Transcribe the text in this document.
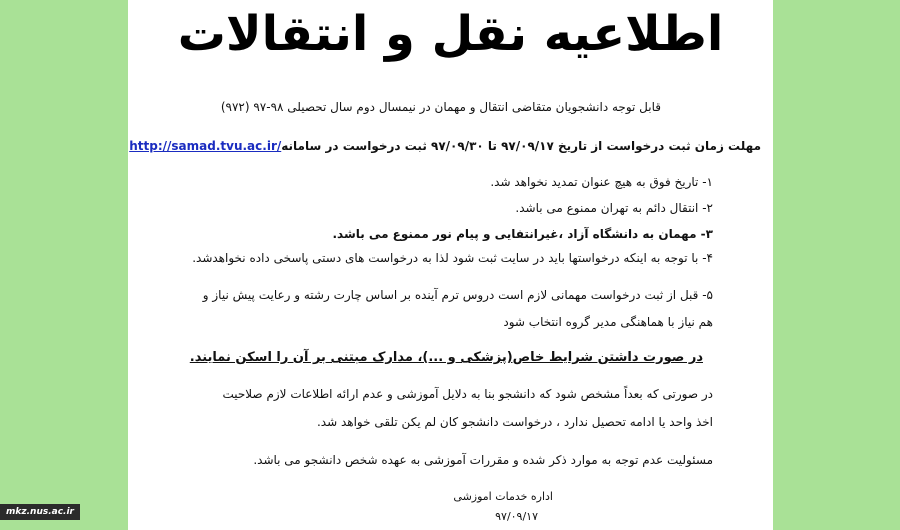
اطلاعیه نقل و انتقالات
قابل توجه دانشجویان متقاضی انتقال و مهمان در نیمسال دوم سال تحصیلی ۹۸-۹۷ (۹۷۲)
مهلت زمان ثبت درخواست از تاریخ ۹۷/۰۹/۱۷ تا ۹۷/۰۹/۳۰ ثبت درخواست در سامانهhttp://samad.tvu.ac.ir/
۱- تاریخ فوق به هیچ عنوان تمدید نخواهد شد.
۲- انتقال دائم به تهران ممنوع می باشد.
۳- مهمان به دانشگاه آزاد ،غیرانتفایی و پیام نور ممنوع می باشد.
۴- با توجه به اینکه درخواستها باید در سایت ثبت شود لذا به درخواست های دستی پاسخی داده نخواهدشد.
۵- قبل از ثبت درخواست مهمانی لازم است دروس ترم آینده بر اساس چارت رشته و رعایت پیش نیاز و
هم نیاز با هماهنگی مدیر گروه انتخاب شود
در صورت داشتن شرایط خاص(پزشکی و ...)، مدارک مبتنی بر آن را اسکن نمایند.
در صورتی که بعداً مشخص شود که دانشجو بنا به دلایل آموزشی و عدم ارائه اطلاعات لازم صلاحیت
اخذ واحد یا ادامه تحصیل ندارد ، درخواست دانشجو کان لم یکن تلقی خواهد شد.
مسئولیت عدم توجه به موارد ذکر شده و مقررات آموزشی به عهده شخص دانشجو می باشد.
اداره خدمات اموزشی
۹۷/۰۹/۱۷
mkz.nus.ac.ir
